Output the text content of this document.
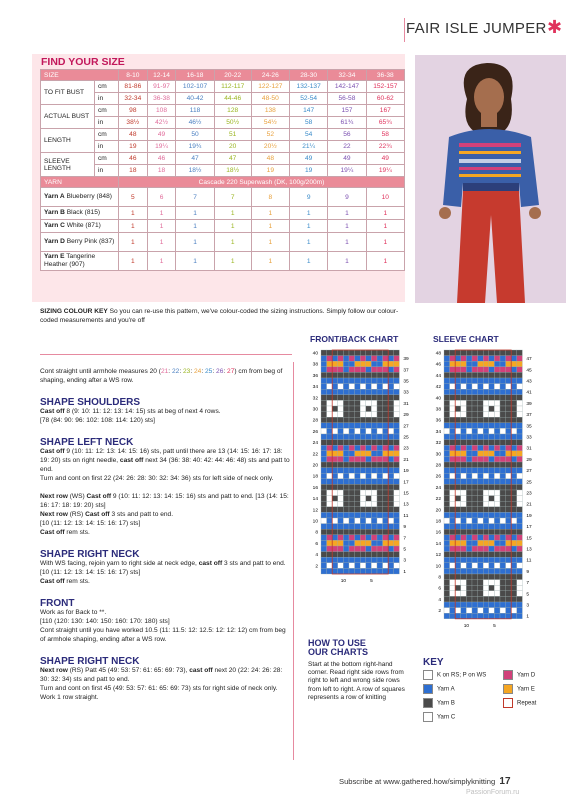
FAIR ISLE JUMPER ✱
FIND YOUR SIZE
SIZE		8-10	12-14	16-18	20-22	24-26	28-30	32-34	36-38
TO FIT BUST	cm	81-86	91-97	102-107	112-117	122-127	132-137	142-147	152-157
	in	32-34	36-38	40-42	44-46	48-50	52-54	56-58	60-62
ACTUAL BUST	cm	98	108	118	128	138	147	157	167
	in	38½	42½	46½	50½	54½	58	61¾	65¾
LENGTH	cm	48	49	50	51	52	54	56	58
	in	19	19¼	19¾	20	20½	21¼	22	22¾
SLEEVE
LENGTH	cm	46	46	47	47	48	49	49	49
	in	18	18	18½	18½	19	19	19¼	19¼
YARN		Cascade 220 Superwash (DK, 100g/200m)							
Yarn A Blueberry (848)		5	6	7	7	8	9	9	10
Yarn B Black (815)		1	1	1	1	1	1	1	1
Yarn C White (871)		1	1	1	1	1	1	1	1
Yarn D Berry Pink (837)		1	1	1	1	1	1	1	1
Yarn E Tangerine Heather (907)		1	1	1	1	1	1	1	1
SIZING COLOUR KEY So you can re-use this pattern, we've colour-coded the sizing instructions. Simply follow our colour-coded measurements and you're off

Cont straight until armhole measures 20 (21: 22: 23: 24: 25: 26: 27) cm from beg of shaping, ending after a WS row.

SHAPE SHOULDERS

Cast off 8 (9: 10: 11: 12: 13: 14: 15) sts at beg of next 4 rows.
[78 (84: 90: 96: 102: 108: 114: 120) sts]

SHAPE LEFT NECK

Cast off 9 (10: 11: 12: 13: 14: 15: 16) sts, patt until there are 13 (14: 15: 16: 17: 18: 19: 20) sts on right needle, cast off next 34 (36: 38: 40: 42: 44: 46: 48) sts and patt to end.
Turn and cont on first 22 (24: 26: 28: 30: 32: 34: 36) sts for left side of neck only.

Next row (WS) Cast off 9 (10: 11: 12: 13: 14: 15: 16) sts and patt to end. [13 (14: 15: 16: 17: 18: 19: 20) sts]
Next row (RS) Cast off 3 sts and patt to end.
[10 (11: 12: 13: 14: 15: 16: 17) sts]
Cast off rem sts.

SHAPE RIGHT NECK

With WS facing, rejoin yarn to right side at neck edge, cast off 3 sts and patt to end. [10 (11: 12: 13: 14: 15: 16: 17) sts]
Cast off rem sts.

FRONT

Work as for Back to **.
[110 (120: 130: 140: 150: 160: 170: 180) sts]
Cont straight until you have worked 10.5 (11: 11.5: 12: 12.5: 12: 12: 12) cm from beg of armhole shaping, ending after a WS row.

SHAPE RIGHT NECK

Next row (RS) Patt 45 (49: 53: 57: 61: 65: 69: 73), cast off next 20 (22: 24: 26: 28: 30: 32: 34) sts and patt to end.
Turn and cont on first 45 (49: 53: 57: 61: 65: 69: 73) sts for right side of neck only.
Work 1 row straight.

FRONT/BACK CHART
40
38
36
34
32
30
28
26
24
22
20
18
16
14
12
10
8
6
4
2
39
37
35
33
31
29
27
25
23
21
19
17
15
13
11
9
7
5
3
1
10	5
SLEEVE CHART
48
46
44
42
40
38
36
34
32
30
28
26
24
22
20
18
16
14
12
10
8
6
4
2
47
45
43
41
39
37
35
33
31
29
27
25
23
21
19
17
15
13
11
9
7
5
3
1
10	5
HOW TO USE
OUR CHARTS
Start at the bottom right-hand corner. Read right side rows from right to left and wrong side rows from left to right. A row of squares represents a row of knitting
KEY
K on RS; P on WS	Yarn D
Yarn A	Yarn E
Yarn B	Repeat
Yarn C
Subscribe at www.gathered.how/simplyknitting 17
PassionForum.ru
